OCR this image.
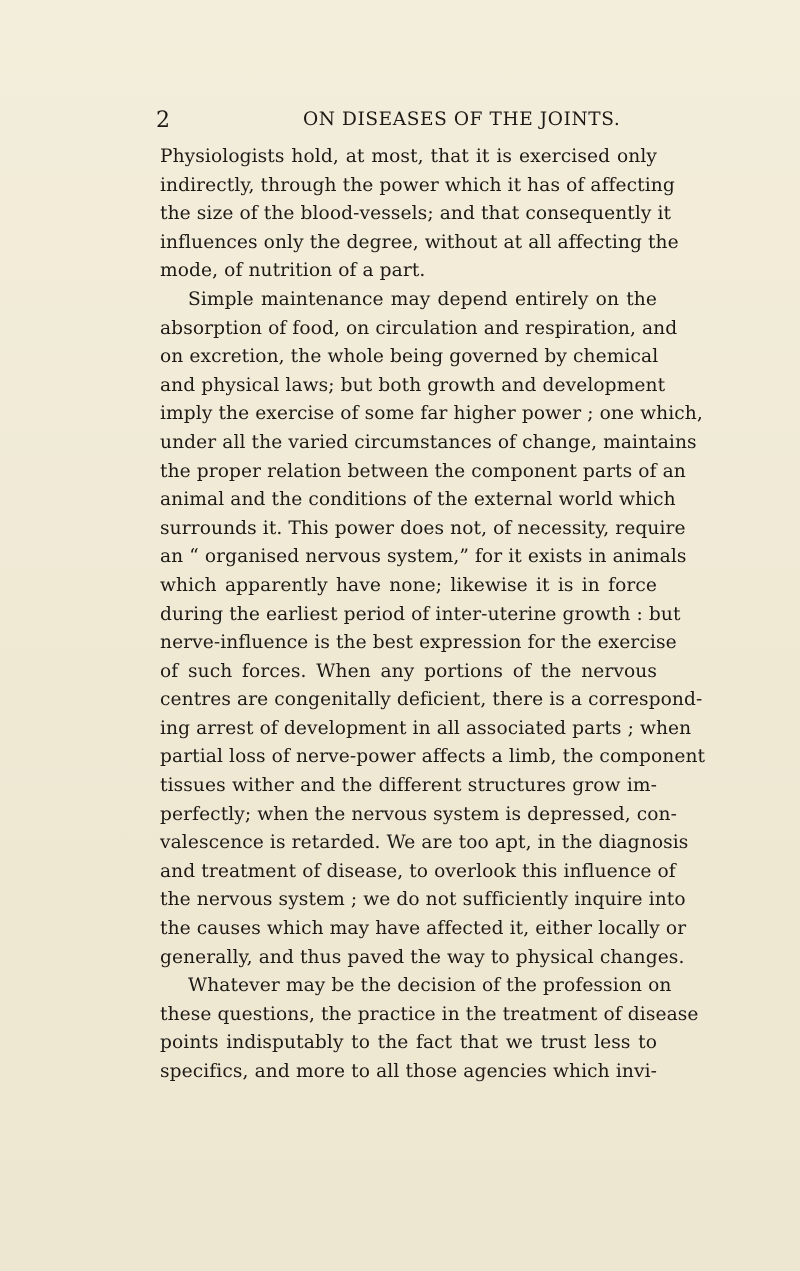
2	ON DISEASES OF THE JOINTS.
Physiologists hold, at most, that it is exercised only
indirectly, through the power which it has of affecting
the size of the blood-vessels; and that consequently it
influences only the degree, without at all affecting the
mode, of nutrition of a part.
Simple maintenance may depend entirely on the
absorption of food, on circulation and respiration, and
on excretion, the whole being governed by chemical
and physical laws; but both growth and development
imply the exercise of some far higher power ; one which,
under all the varied circumstances of change, maintains
the proper relation between the component parts of an
animal and the conditions of the external world which
surrounds it. This power does not, of necessity, require
an “ organised nervous system,” for it exists in animals
which apparently have none; likewise it is in force
during the earliest period of inter-uterine growth : but
nerve-influence is the best expression for the exercise
of such forces. When any portions of the nervous
centres are congenitally deficient, there is a correspond-
ing arrest of development in all associated parts ; when
partial loss of nerve-power affects a limb, the component
tissues wither and the different structures grow im-
perfectly; when the nervous system is depressed, con-
valescence is retarded. We are too apt, in the diagnosis
and treatment of disease, to overlook this influence of
the nervous system ; we do not sufficiently inquire into
the causes which may have affected it, either locally or
generally, and thus paved the way to physical changes.
Whatever may be the decision of the profession on
these questions, the practice in the treatment of disease
points indisputably to the fact that we trust less to
specifics, and more to all those agencies which invi-
